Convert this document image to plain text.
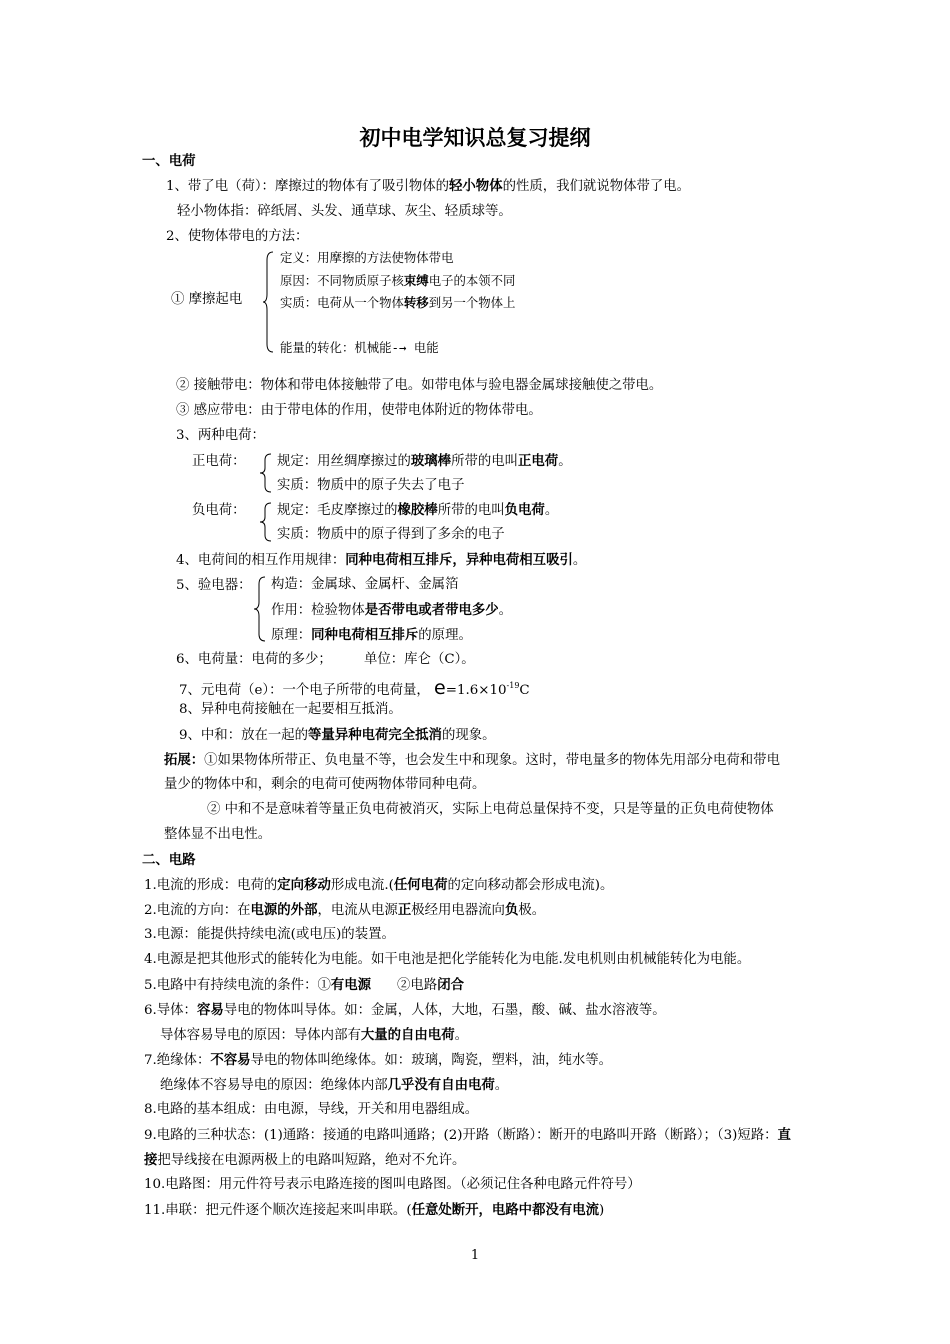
初中电学知识总复习提纲
一、电荷
1、带了电（荷）：摩擦过的物体有了吸引物体的轻小物体的性质，我们就说物体带了电。
轻小物体指：碎纸屑、头发、通草球、灰尘、轻质球等。
2、使物体带电的方法：
① 摩擦起电
定义：用摩擦的方法使物体带电
原因：不同物质原子核束缚电子的本领不同
实质：电荷从一个物体转移到另一个物体上
能量的转化：机械能-→ 电能
② 接触带电：物体和带电体接触带了电。如带电体与验电器金属球接触使之带电。
③ 感应带电：由于带电体的作用，使带电体附近的物体带电。
3、两种电荷：
正电荷： 规定：用丝绸摩擦过的玻璃棒所带的电叫正电荷。
实质：物质中的原子失去了电子
负电荷： 规定：毛皮摩擦过的橡胶棒所带的电叫负电荷。
实质：物质中的原子得到了多余的电子
4、电荷间的相互作用规律：同种电荷相互排斥，异种电荷相互吸引。
5、验电器： 构造：金属球、金属杆、金属箔
作用：检验物体是否带电或者带电多少。
原理：同种电荷相互排斥的原理。
6、电荷量：电荷的多少； 单位：库仑（C）。
7、元电荷（e）：一个电子所带的电荷量， $e=1.6\times 10^{-19}C$
8、异种电荷接触在一起要相互抵消。
9、中和：放在一起的等量异种电荷完全抵消的现象。
拓展：①如果物体所带正、负电量不等，也会发生中和现象。这时，带电量多的物体先用部分电荷和带电
量少的物体中和，剩余的电荷可使两物体带同种电荷。
② 中和不是意味着等量正负电荷被消灭，实际上电荷总量保持不变，只是等量的正负电荷使物体
整体显不出电性。
二、电路
1.电流的形成：电荷的定向移动形成电流.(任何电荷的定向移动都会形成电流)。
2.电流的方向：在电源的外部，电流从电源正极经用电器流向负极。
3.电源：能提供持续电流(或电压)的装置。
4.电源是把其他形式的能转化为电能。如干电池是把化学能转化为电能.发电机则由机械能转化为电能。
5.电路中有持续电流的条件：①有电源 ②电路闭合
6.导体：容易导电的物体叫导体。如：金属，人体，大地，石墨，酸、碱、盐水溶液等。
导体容易导电的原因：导体内部有大量的自由电荷。
7.绝缘体：不容易导电的物体叫绝缘体。如：玻璃，陶瓷，塑料，油，纯水等。
绝缘体不容易导电的原因：绝缘体内部几乎没有自由电荷。
8.电路的基本组成：由电源，导线，开关和用电器组成。
9.电路的三种状态：(1)通路：接通的电路叫通路；(2)开路（断路）：断开的电路叫开路（断路）；（3)短路：直
接把导线接在电源两极上的电路叫短路，绝对不允许。
10.电路图：用元件符号表示电路连接的图叫电路图。（必须记住各种电路元件符号）
11.串联：把元件逐个顺次连接起来叫串联。(任意处断开，电路中都没有电流)
1
